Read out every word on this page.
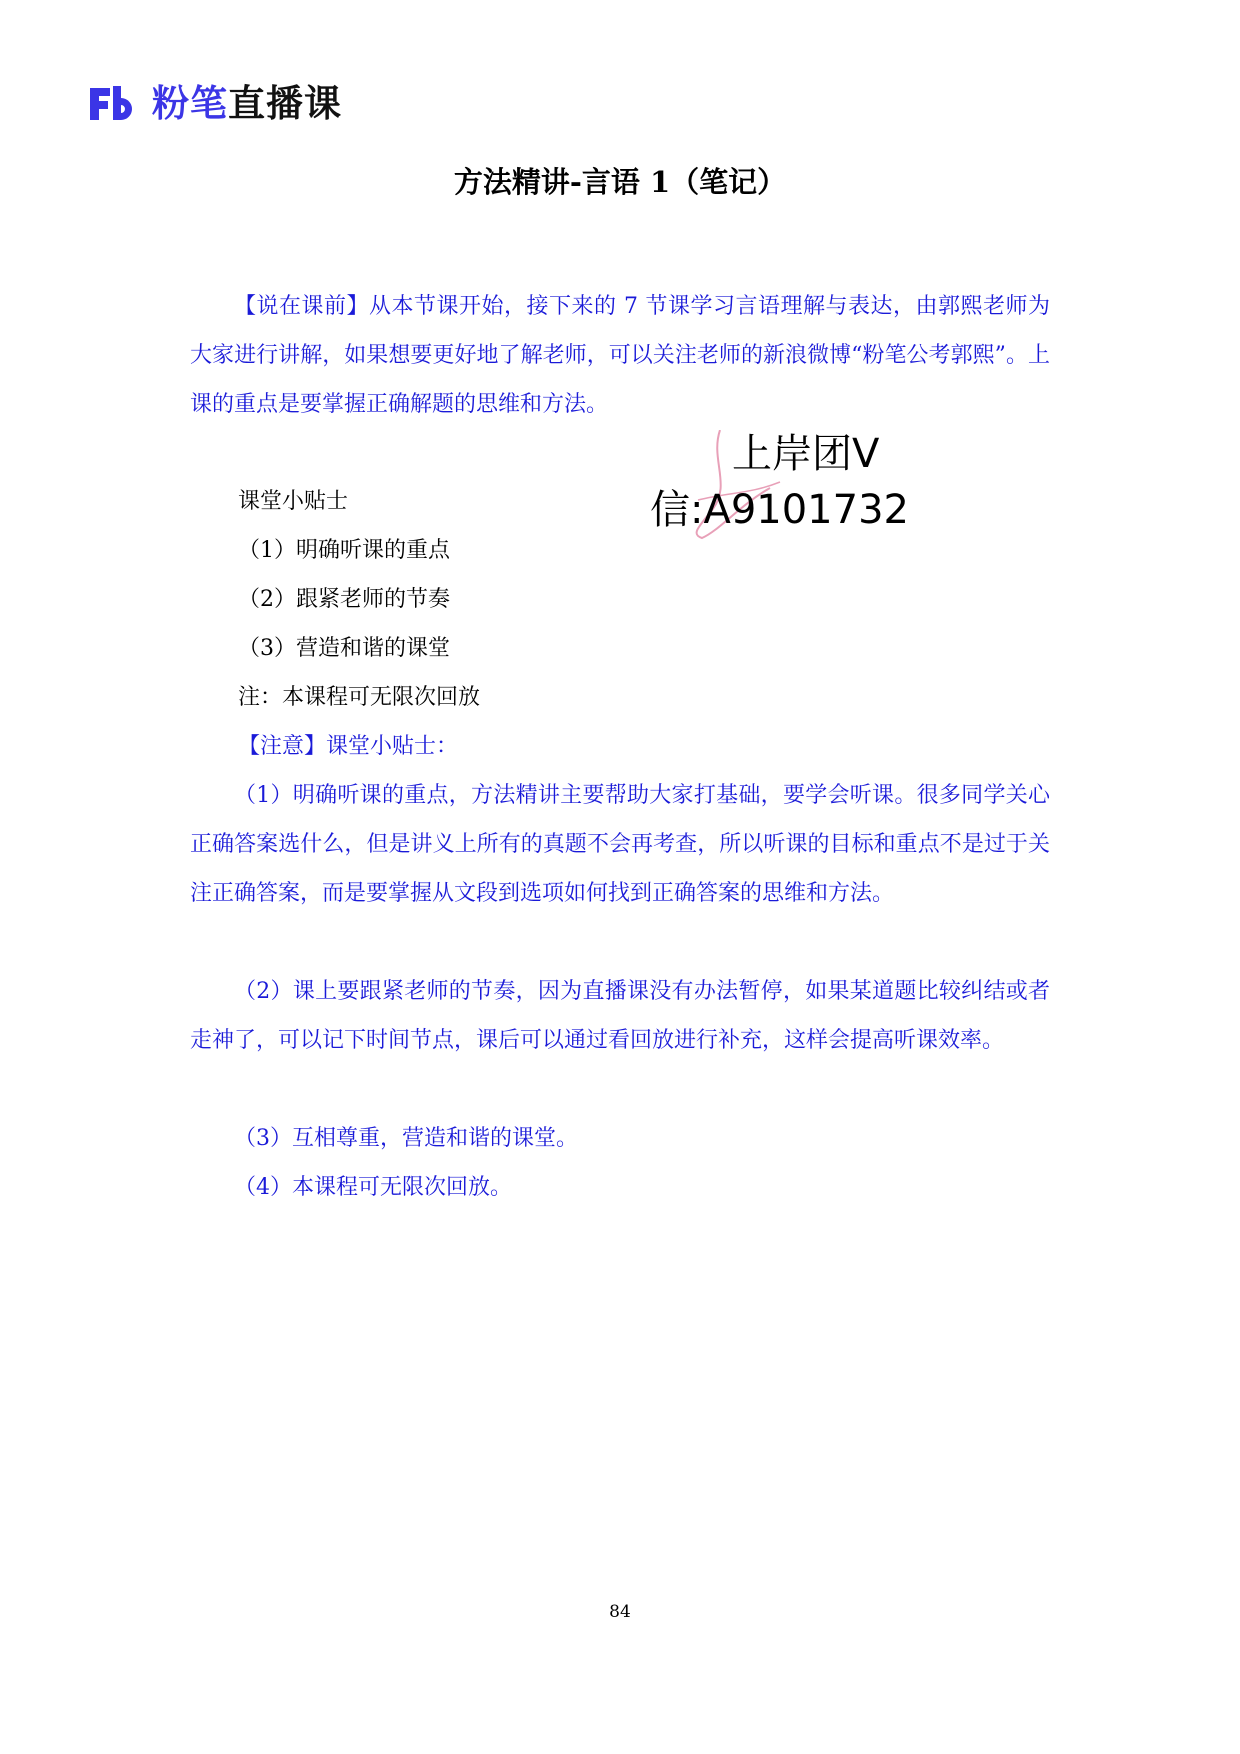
粉笔直播课
方法精讲-言语 1（笔记）

【说在课前】从本节课开始，接下来的 7 节课学习言语理解与表达，由郭熙老师为大家进行讲解，如果想要更好地了解老师，可以关注老师的新浪微博“粉笔公考郭熙”。上课的重点是要掌握正确解题的思维和方法。

课堂小贴士
（1）明确听课的重点
（2）跟紧老师的节奏
（3）营造和谐的课堂
注：本课程可无限次回放
【注意】课堂小贴士：

（1）明确听课的重点，方法精讲主要帮助大家打基础，要学会听课。很多同学关心正确答案选什么，但是讲义上所有的真题不会再考查，所以听课的目标和重点不是过于关注正确答案，而是要掌握从文段到选项如何找到正确答案的思维和方法。

（2）课上要跟紧老师的节奏，因为直播课没有办法暂停，如果某道题比较纠结或者走神了，可以记下时间节点，课后可以通过看回放进行补充，这样会提高听课效率。

（3）互相尊重，营造和谐的课堂。

（4）本课程可无限次回放。

上岸团V
信:A9101732
84
